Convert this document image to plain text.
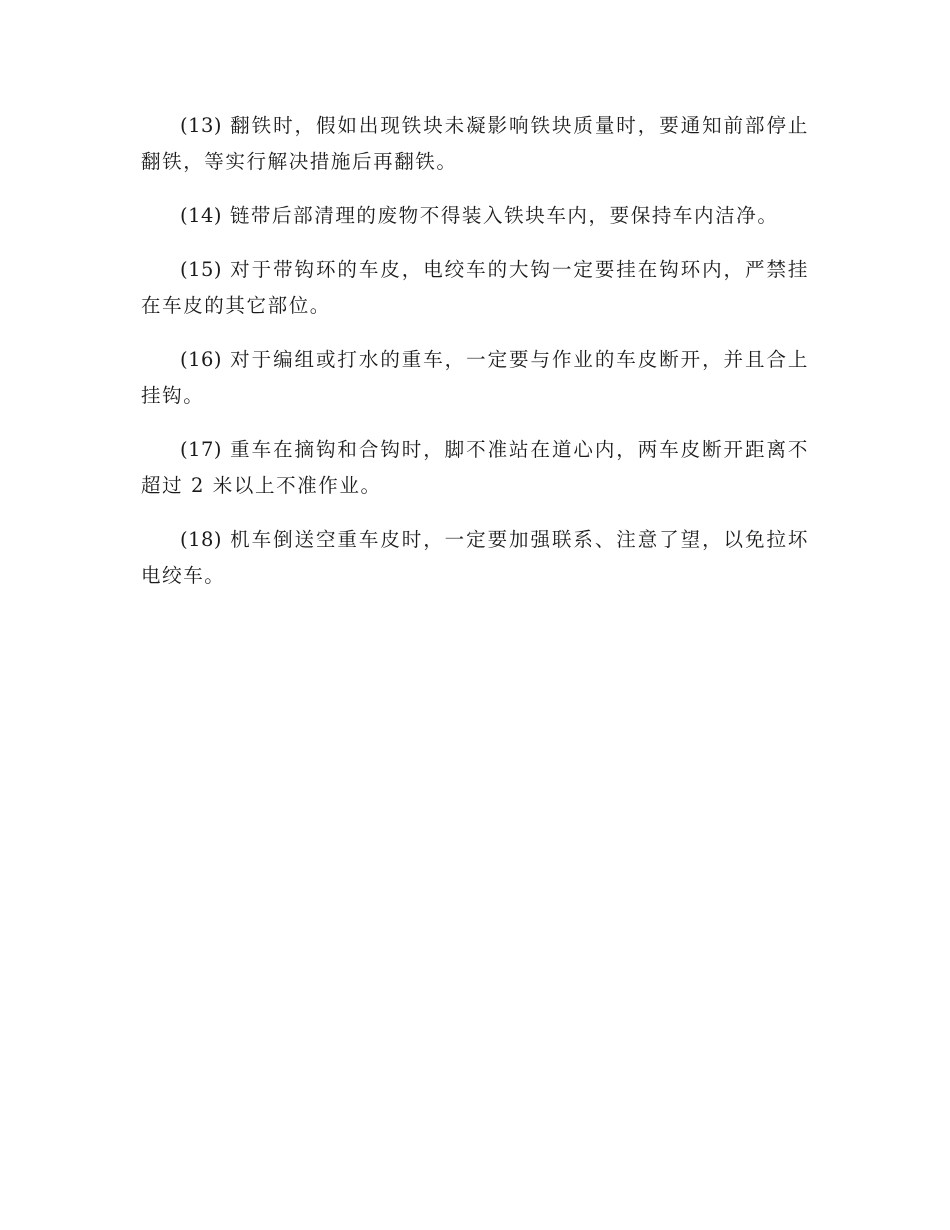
(13) 翻铁时，假如出现铁块未凝影响铁块质量时，要通知前部停止翻铁，等实行解决措施后再翻铁。

(14) 链带后部清理的废物不得装入铁块车内，要保持车内洁净。

(15) 对于带钩环的车皮，电绞车的大钩一定要挂在钩环内，严禁挂在车皮的其它部位。

(16) 对于编组或打水的重车，一定要与作业的车皮断开，并且合上挂钩。

(17) 重车在摘钩和合钩时，脚不准站在道心内，两车皮断开距离不超过 2 米以上不准作业。

(18) 机车倒送空重车皮时，一定要加强联系、注意了望，以免拉坏电绞车。
